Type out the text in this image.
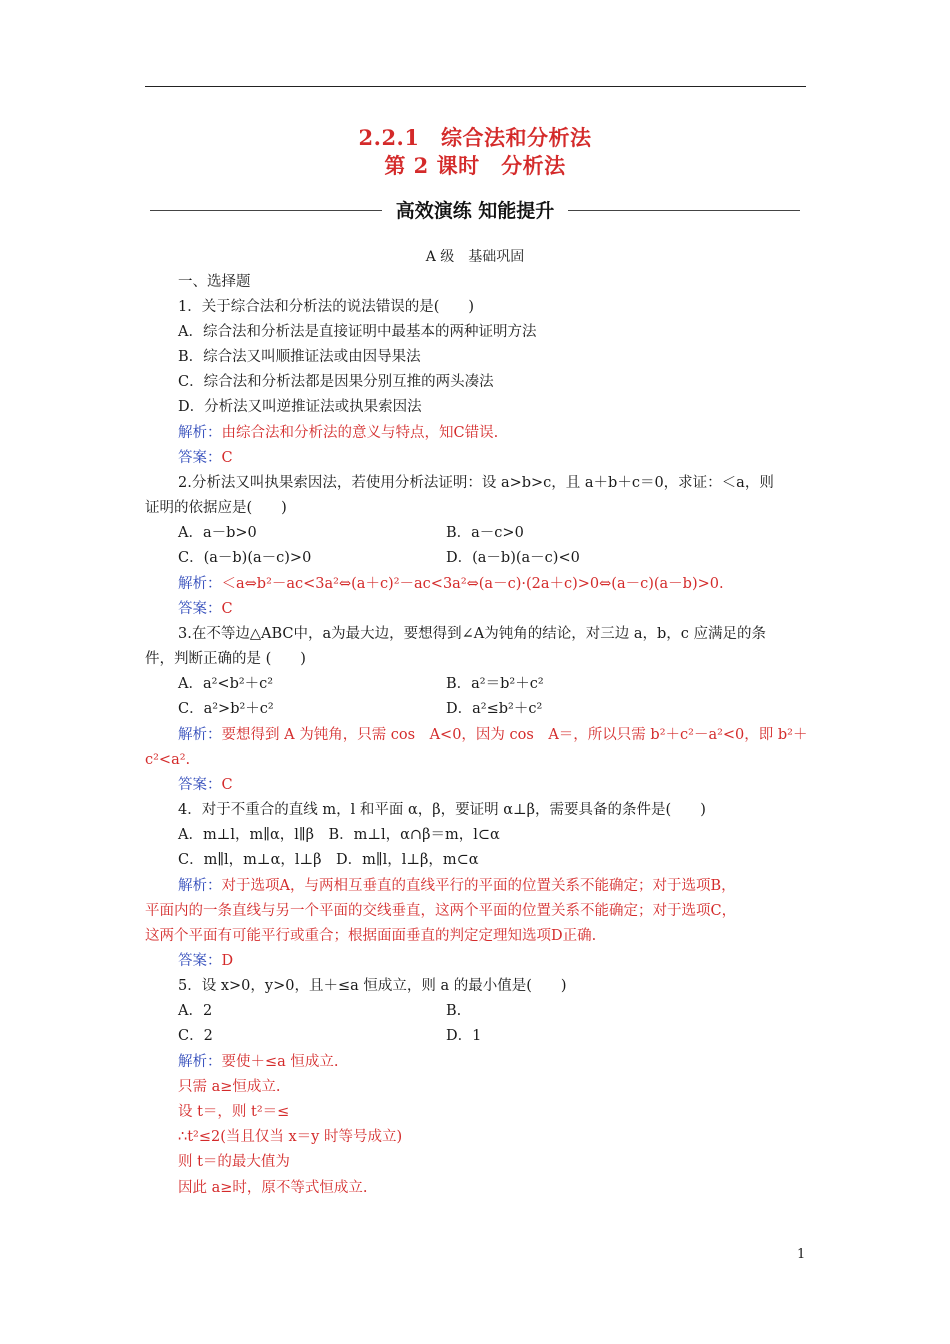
2.2.1　综合法和分析法
第 2 课时　分析法
高效演练 知能提升
A 级　基础巩固
一、选择题
1．关于综合法和分析法的说法错误的是(　　)
A．综合法和分析法是直接证明中最基本的两种证明方法
B．综合法又叫顺推证法或由因导果法
C．综合法和分析法都是因果分别互推的两头凑法
D．分析法又叫逆推证法或执果索因法
解析：由综合法和分析法的意义与特点，知C错误.
答案：C
2.分析法又叫执果索因法，若使用分析法证明：设 a>b>c，且 a＋b＋c＝0，求证：＜a，则
证明的依据应是(　　)
A．a－b>0	B．a－c>0
C．(a－b)(a－c)>0	D．(a－b)(a－c)<0
解析：＜a⇔b²－ac<3a²⇔(a＋c)²－ac<3a²⇔(a－c)·(2a＋c)>0⇔(a－c)(a－b)>0.
答案：C
3.在不等边△ABC中，a为最大边，要想得到∠A为钝角的结论，对三边 a，b，c 应满足的条
件，判断正确的是 (　　)
A．a²<b²＋c²	B．a²＝b²＋c²
C．a²>b²＋c²	D．a²≤b²＋c²
解析：要想得到 A 为钝角，只需 cos　A<0，因为 cos　A＝，所以只需 b²＋c²－a²<0，即 b²＋
c²<a².
答案：C
4．对于不重合的直线 m，l 和平面 α，β，要证明 α⊥β，需要具备的条件是(　　)
A．m⊥l，m∥α，l∥β　B．m⊥l，α∩β＝m，l⊂α
C．m∥l，m⊥α，l⊥β　D．m∥l，l⊥β，m⊂α
解析：对于选项A，与两相互垂直的直线平行的平面的位置关系不能确定；对于选项B，
平面内的一条直线与另一个平面的交线垂直，这两个平面的位置关系不能确定；对于选项C，
这两个平面有可能平行或重合；根据面面垂直的判定定理知选项D正确.
答案：D
5．设 x>0，y>0，且＋≤a 恒成立，则 a 的最小值是(　　)
A．2	B.
C．2	D．1
解析：要使＋≤a 恒成立.
只需 a≥恒成立.
设 t＝，则 t²＝≤
∴t²≤2(当且仅当 x＝y 时等号成立)
则 t＝的最大值为
因此 a≥时，原不等式恒成立.
1
